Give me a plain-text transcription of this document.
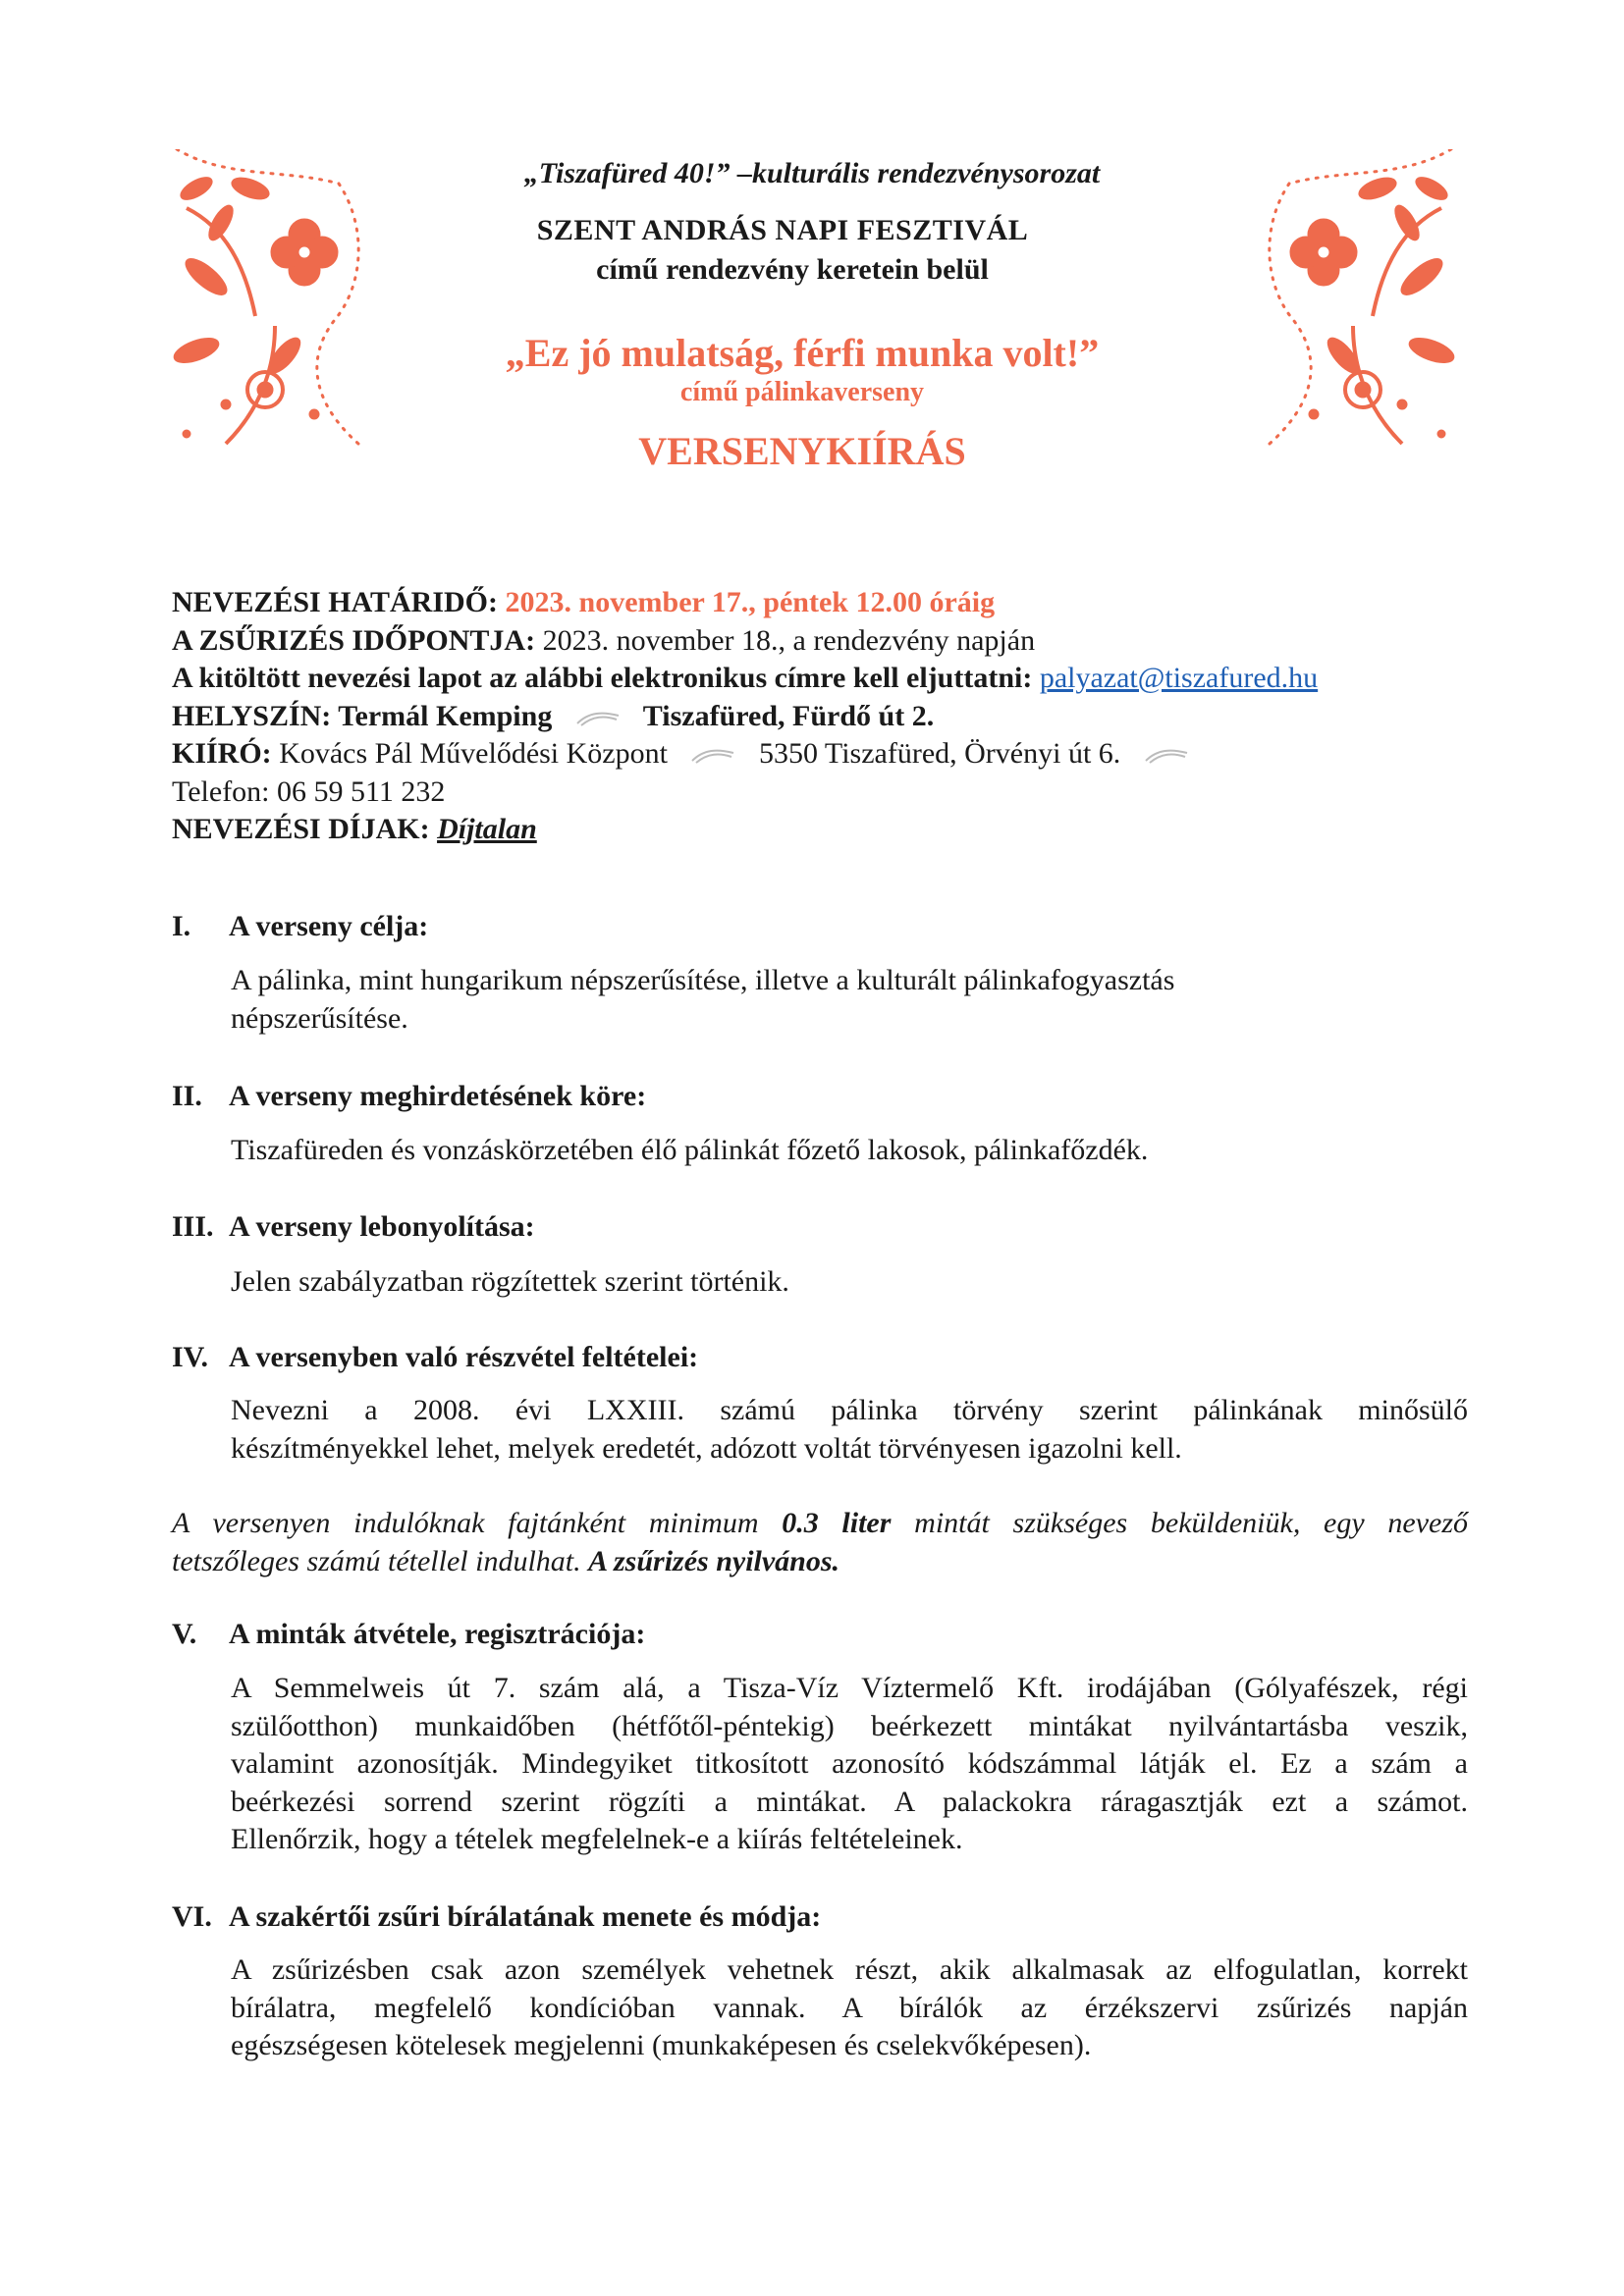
„Tiszafüred 40!” –kulturális rendezvénysorozat
SZENT ANDRÁS NAPI FESZTIVÁL
című rendezvény keretein belül
„Ez jó mulatság, férfi munka volt!”
című pálinkaverseny
VERSENYKIÍRÁS
NEVEZÉSI HATÁRIDŐ: 2023. november 17., péntek 12.00 óráig
A ZSŰRIZÉS IDŐPONTJA: 2023. november 18., a rendezvény napján
A kitöltött nevezési lapot az alábbi elektronikus címre kell eljuttatni: palyazat@tiszafured.hu
HELYSZÍN: Termál Kemping	Tiszafüred, Fürdő út 2.
KIÍRÓ: Kovács Pál Művelődési Központ	5350 Tiszafüred, Örvényi út 6.
Telefon: 06 59 511 232
NEVEZÉSI DÍJAK: Díjtalan
I. A verseny célja:
A pálinka, mint hungarikum népszerűsítése, illetve a kulturált pálinkafogyasztás
népszerűsítése.
II. A verseny meghirdetésének köre:
Tiszafüreden és vonzáskörzetében élő pálinkát főzető lakosok, pálinkafőzdék.
III. A verseny lebonyolítása:
Jelen szabályzatban rögzítettek szerint történik.
IV. A versenyben való részvétel feltételei:
Nevezni a 2008. évi LXXIII. számú pálinka törvény szerint pálinkának minősülő
készítményekkel lehet, melyek eredetét, adózott voltát törvényesen igazolni kell.
A versenyen indulóknak fajtánként minimum 0.3 liter mintát szükséges beküldeniük, egy nevező
tetszőleges számú tétellel indulhat. A zsűrizés nyilvános.
V. A minták átvétele, regisztrációja:
A Semmelweis út 7. szám alá, a Tisza-Víz Víztermelő Kft. irodájában (Gólyafészek, régi
szülőotthon) munkaidőben (hétfőtől-péntekig) beérkezett mintákat nyilvántartásba veszik,
valamint azonosítják. Mindegyiket titkosított azonosító kódszámmal látják el. Ez a szám a
beérkezési sorrend szerint rögzíti a mintákat. A palackokra ráragasztják ezt a számot.
Ellenőrzik, hogy a tételek megfelelnek-e a kiírás feltételeinek.
VI. A szakértői zsűri bírálatának menete és módja:
A zsűrizésben csak azon személyek vehetnek részt, akik alkalmasak az elfogulatlan, korrekt
bírálatra, megfelelő kondícióban vannak. A bírálók az érzékszervi zsűrizés napján
egészségesen kötelesek megjelenni (munkaképesen és cselekvőképesen).
